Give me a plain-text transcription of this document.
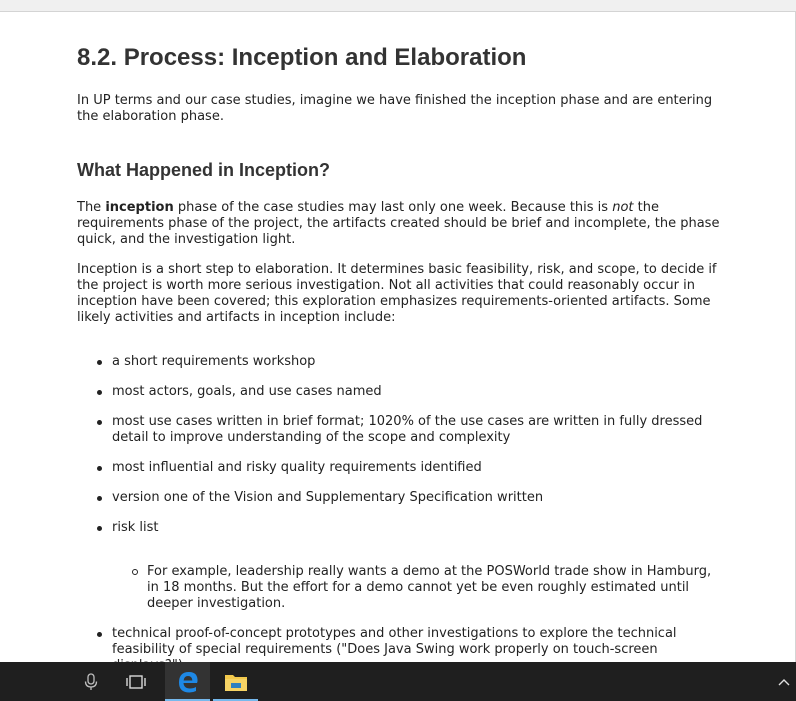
8.2. Process: Inception and Elaboration

In UP terms and our case studies, imagine we have finished the inception phase and are entering the elaboration phase.

What Happened in Inception?

The inception phase of the case studies may last only one week. Because this is not the requirements phase of the project, the artifacts created should be brief and incomplete, the phase quick, and the investigation light.

Inception is a short step to elaboration. It determines basic feasibility, risk, and scope, to decide if the project is worth more serious investigation. Not all activities that could reasonably occur in inception have been covered; this exploration emphasizes requirements-oriented artifacts. Some likely activities and artifacts in inception include:

a short requirements workshop
most actors, goals, and use cases named
most use cases written in brief format; 1020% of the use cases are written in fully dressed detail to improve understanding of the scope and complexity
most influential and risky quality requirements identified
version one of the Vision and Supplementary Specification written
risk list
For example, leadership really wants a demo at the POSWorld trade show in Hamburg, in 18 months. But the effort for a demo cannot yet be even roughly estimated until deeper investigation.
technical proof-of-concept prototypes and other investigations to explore the technical feasibility of special requirements ("Does Java Swing work properly on touch-screen
